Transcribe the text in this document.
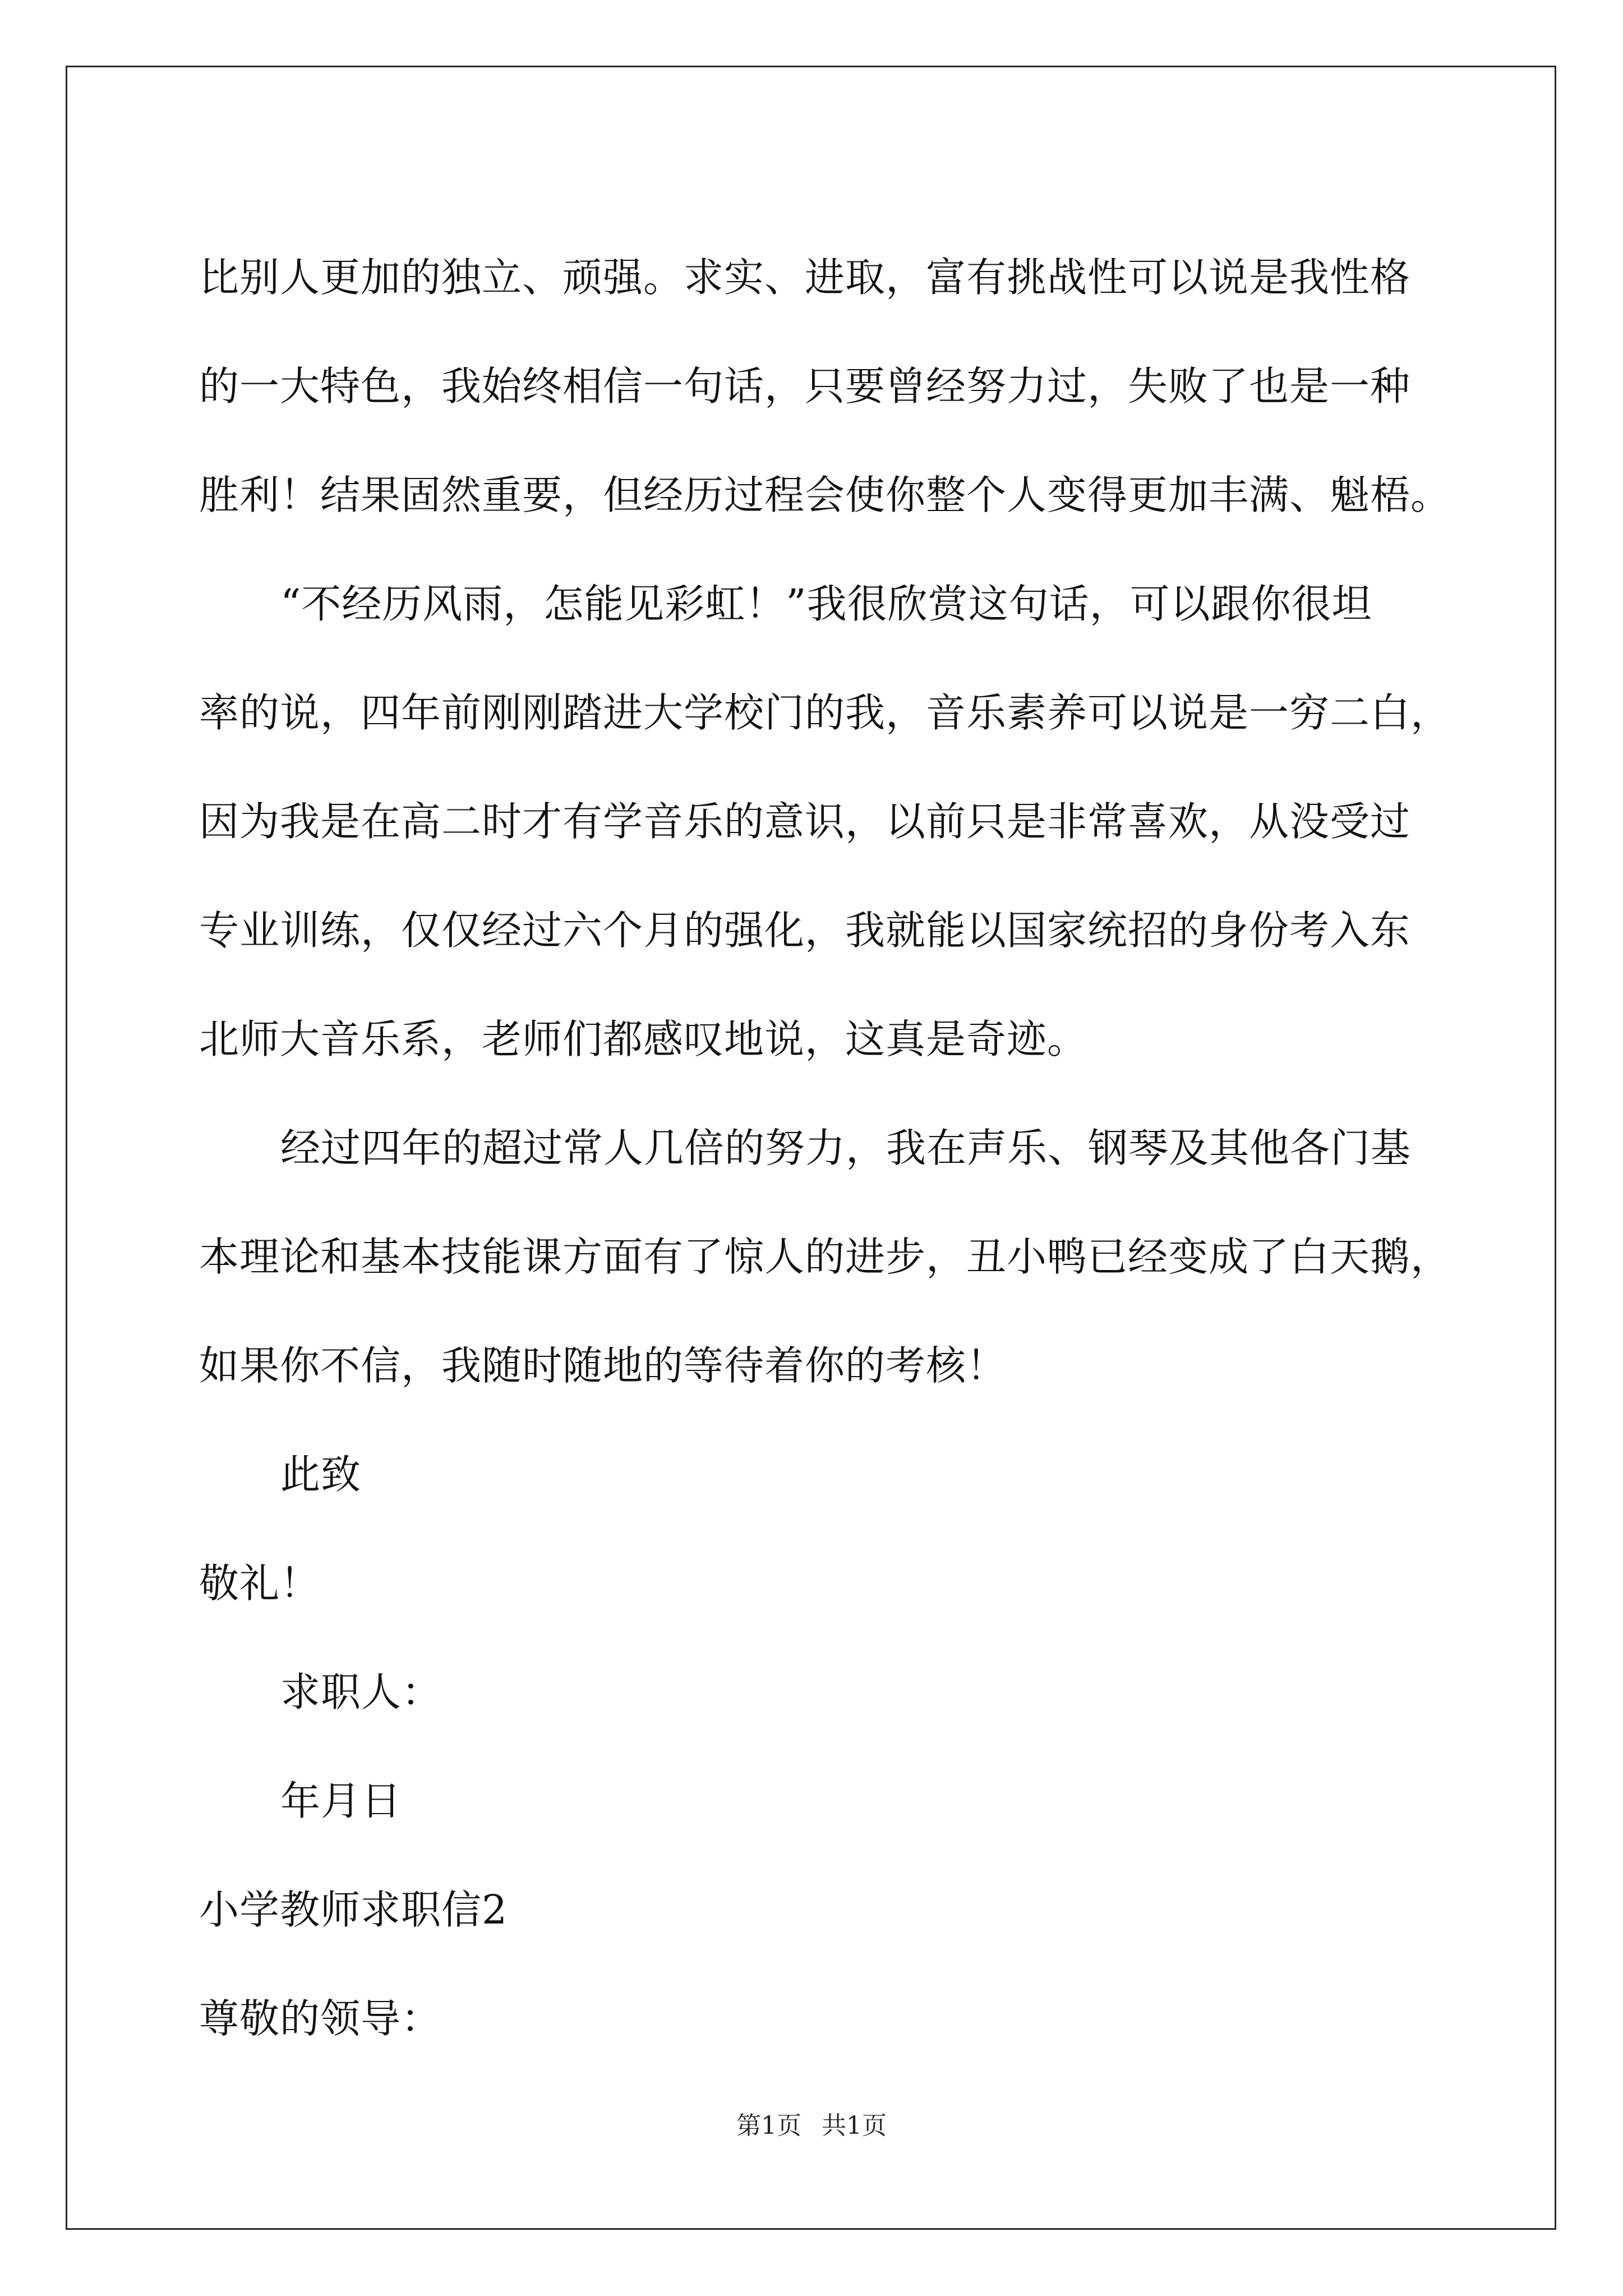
比别人更加的独立、顽强。求实、进取，富有挑战性可以说是我性格
的一大特色，我始终相信一句话，只要曾经努力过，失败了也是一种
胜利！结果固然重要，但经历过程会使你整个人变得更加丰满、魁梧。
“不经历风雨，怎能见彩虹！”我很欣赏这句话，可以跟你很坦
率的说，四年前刚刚踏进大学校门的我，音乐素养可以说是一穷二白，
因为我是在高二时才有学音乐的意识，以前只是非常喜欢，从没受过
专业训练，仅仅经过六个月的强化，我就能以国家统招的身份考入东
北师大音乐系，老师们都感叹地说，这真是奇迹。
经过四年的超过常人几倍的努力，我在声乐、钢琴及其他各门基
本理论和基本技能课方面有了惊人的进步，丑小鸭已经变成了白天鹅，
如果你不信，我随时随地的等待着你的考核！
此致
敬礼！
求职人：
年月日
小学教师求职信2
尊敬的领导：
第1页 共1页
